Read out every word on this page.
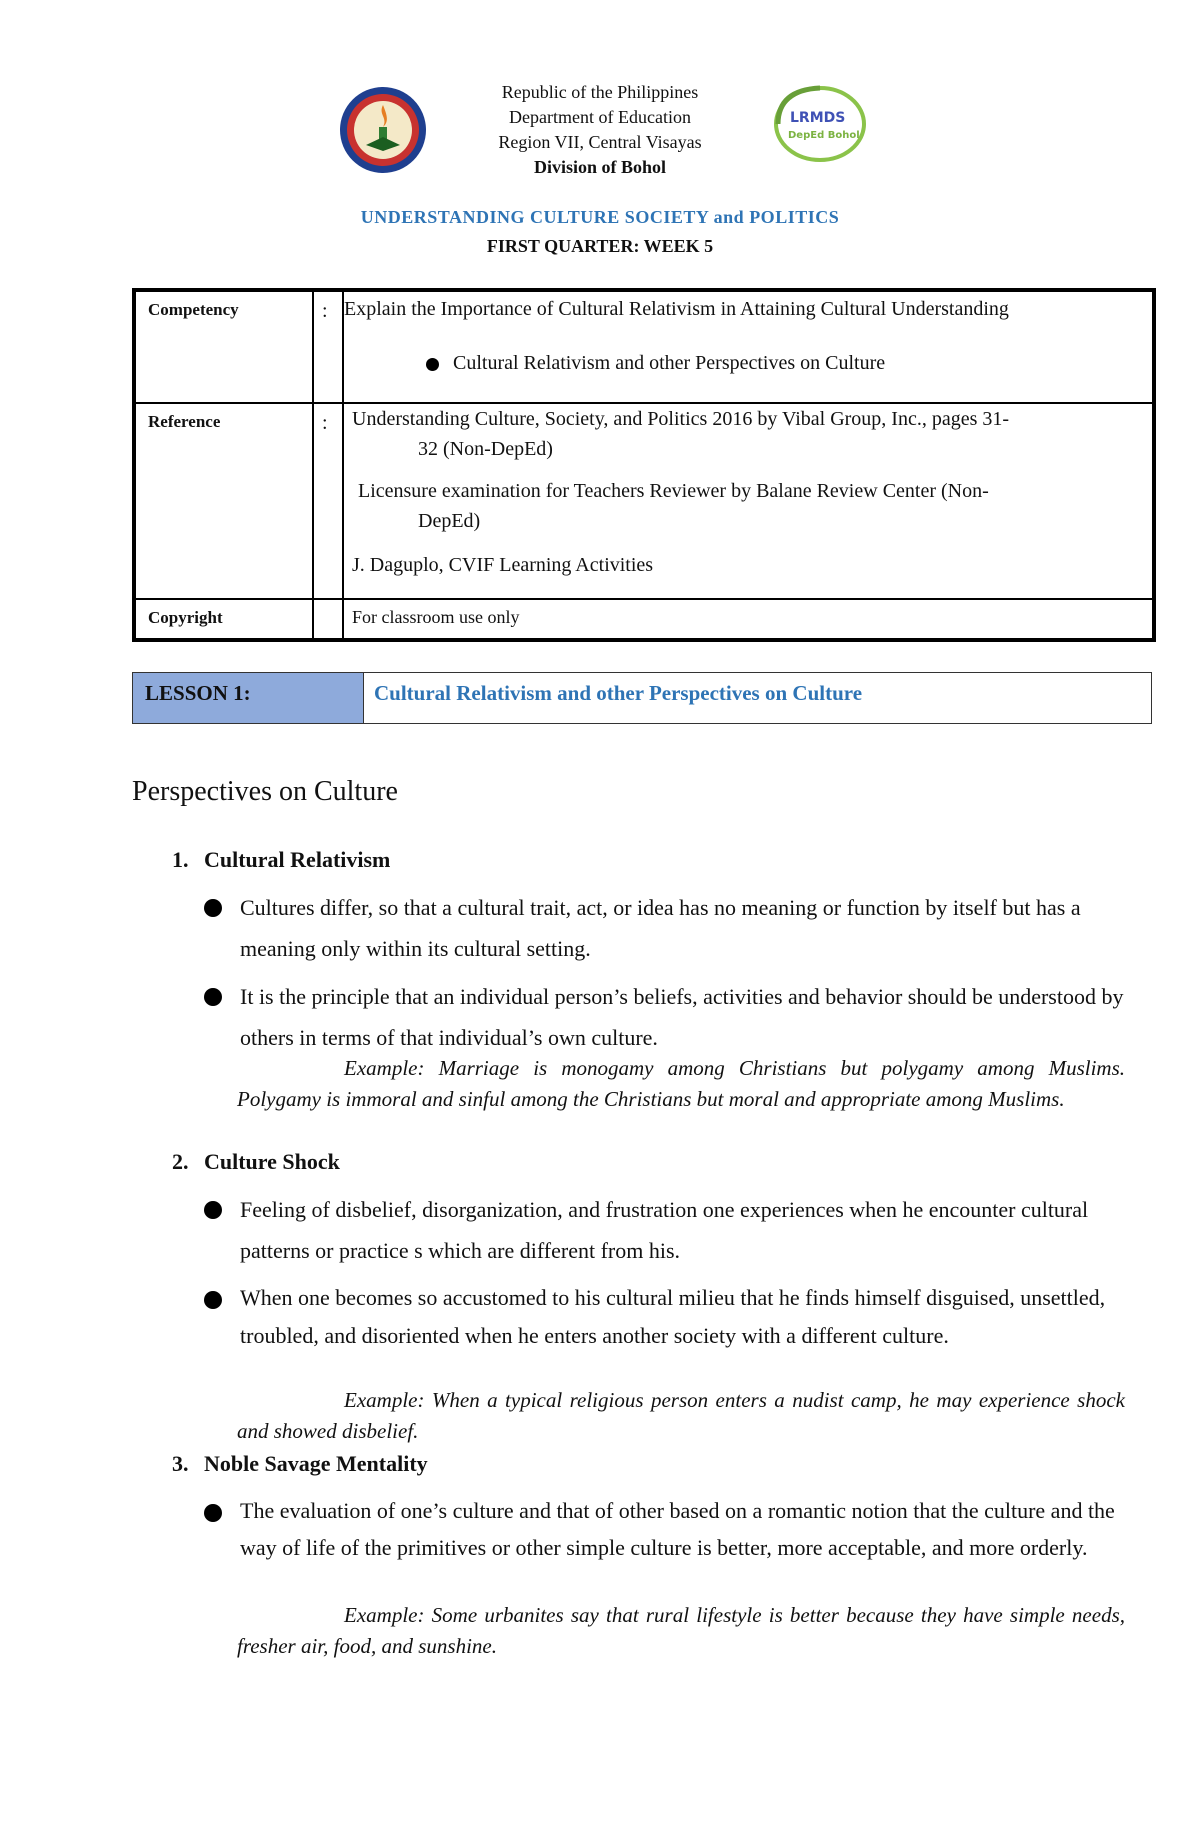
LRMDS
DepEd Bohol
Republic of the Philippines
Department of Education
Region VII, Central Visayas
Division of Bohol
UNDERSTANDING CULTURE SOCIETY and POLITICS
FIRST QUARTER: WEEK 5
Competency	: Explain the Importance of Cultural Relativism in Attaining Cultural Understanding
Cultural Relativism and other Perspectives on Culture
Reference	: Understanding Culture, Society, and Politics 2016 by Vibal Group, Inc., pages 31-
32 (Non-DepEd)
Licensure examination for Teachers Reviewer by Balane Review Center (Non-
DepEd)
J. Daguplo, CVIF Learning Activities
Copyright	For classroom use only
LESSON 1:	Cultural Relativism and other Perspectives on Culture
Perspectives on Culture
1. Cultural Relativism
Cultures differ, so that a cultural trait, act, or idea has no meaning or function by itself but has a meaning only within its cultural setting.
It is the principle that an individual person’s beliefs, activities and behavior should be understood by others in terms of that individual’s own culture.
Example: Marriage is monogamy among Christians but polygamy among Muslims. Polygamy is immoral and sinful among the Christians but moral and appropriate among Muslims.
2. Culture Shock
Feeling of disbelief, disorganization, and frustration one experiences when he encounter cultural patterns or practice s which are different from his.
When one becomes so accustomed to his cultural milieu that he finds himself disguised, unsettled, troubled, and disoriented when he enters another society with a different culture.
Example: When a typical religious person enters a nudist camp, he may experience shock and showed disbelief.
3. Noble Savage Mentality
The evaluation of one’s culture and that of other based on a romantic notion that the culture and the way of life of the primitives or other simple culture is better, more acceptable, and more orderly.
Example: Some urbanites say that rural lifestyle is better because they have simple needs, fresher air, food, and sunshine.
